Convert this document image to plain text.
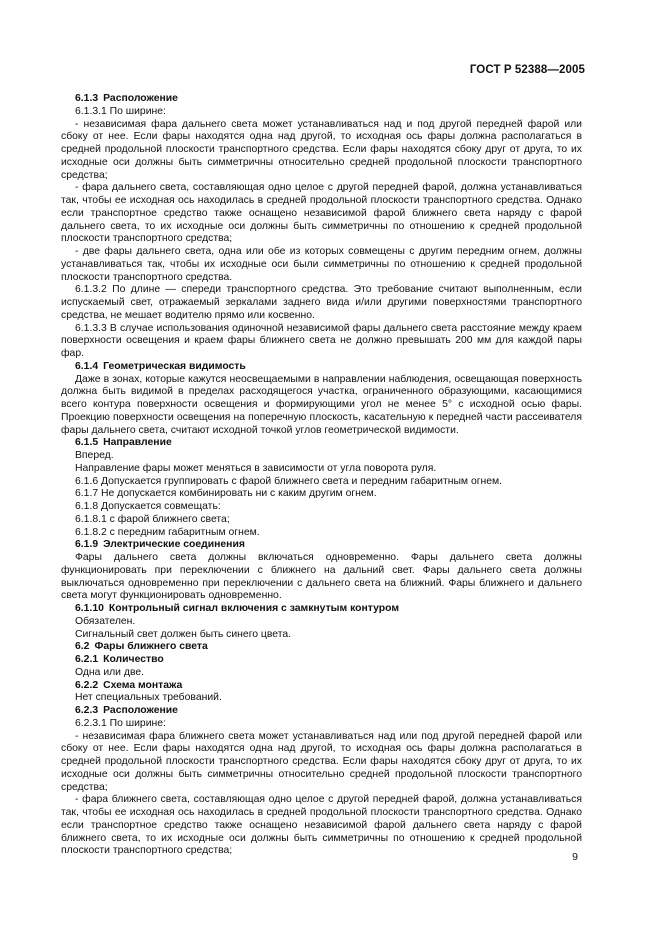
ГОСТ Р 52388—2005

6.1.3 Расположение

6.1.3.1 По ширине:

- независимая фара дальнего света может устанавливаться над и под другой передней фарой или сбоку от нее. Если фары находятся одна над другой, то исходная ось фары должна располагаться в средней продольной плоскости транспортного средства. Если фары находятся сбоку друг от друга, то их исходные оси должны быть симметричны относительно средней продольной плоскости транспортного средства;

- фара дальнего света, составляющая одно целое с другой передней фарой, должна устанавливаться так, чтобы ее исходная ось находилась в средней продольной плоскости транспортного средства. Однако если транспортное средство также оснащено независимой фарой ближнего света наряду с фарой дальнего света, то их исходные оси должны быть симметричны по отношению к средней продольной плоскости транспортного средства;

- две фары дальнего света, одна или обе из которых совмещены с другим передним огнем, должны устанавливаться так, чтобы их исходные оси были симметричны по отношению к средней продольной плоскости транспортного средства.

6.1.3.2 По длине — спереди транспортного средства. Это требование считают выполненным, если испускаемый свет, отражаемый зеркалами заднего вида и/или другими поверхностями транспортного средства, не мешает водителю прямо или косвенно.

6.1.3.3 В случае использования одиночной независимой фары дальнего света расстояние между краем поверхности освещения и краем фары ближнего света не должно превышать 200 мм для каждой пары фар.

6.1.4 Геометрическая видимость

Даже в зонах, которые кажутся неосвещаемыми в направлении наблюдения, освещающая поверхность должна быть видимой в пределах расходящегося участка, ограниченного образующими, касающимися всего контура поверхности освещения и формирующими угол не менее 5° с исходной осью фары. Проекцию поверхности освещения на поперечную плоскость, касательную к передней части рассеивателя фары дальнего света, считают исходной точкой углов геометрической видимости.

6.1.5 Направление

Вперед.

Направление фары может меняться в зависимости от угла поворота руля.

6.1.6 Допускается группировать с фарой ближнего света и передним габаритным огнем.

6.1.7 Не допускается комбинировать ни с каким другим огнем.

6.1.8 Допускается совмещать:

6.1.8.1 с фарой ближнего света;

6.1.8.2 с передним габаритным огнем.

6.1.9 Электрические соединения

Фары дальнего света должны включаться одновременно. Фары дальнего света должны функционировать при переключении с ближнего на дальний свет. Фары дальнего света должны выключаться одновременно при переключении с дальнего света на ближний. Фары ближнего и дальнего света могут функционировать одновременно.

6.1.10 Контрольный сигнал включения с замкнутым контуром

Обязателен.

Сигнальный свет должен быть синего цвета.

6.2 Фары ближнего света

6.2.1 Количество

Одна или две.

6.2.2 Схема монтажа

Нет специальных требований.

6.2.3 Расположение

6.2.3.1 По ширине:

- независимая фара ближнего света может устанавливаться над или под другой передней фарой или сбоку от нее. Если фары находятся одна над другой, то исходная ось фары должна располагаться в средней продольной плоскости транспортного средства. Если фары находятся сбоку друг от друга, то их исходные оси должны быть симметричны относительно средней продольной плоскости транспортного средства;

- фара ближнего света, составляющая одно целое с другой передней фарой, должна устанавливаться так, чтобы ее исходная ось находилась в средней продольной плоскости транспортного средства. Однако если транспортное средство также оснащено независимой фарой дальнего света наряду с фарой ближнего света, то их исходные оси должны быть симметричны по отношению к средней продольной плоскости транспортного средства;

9
